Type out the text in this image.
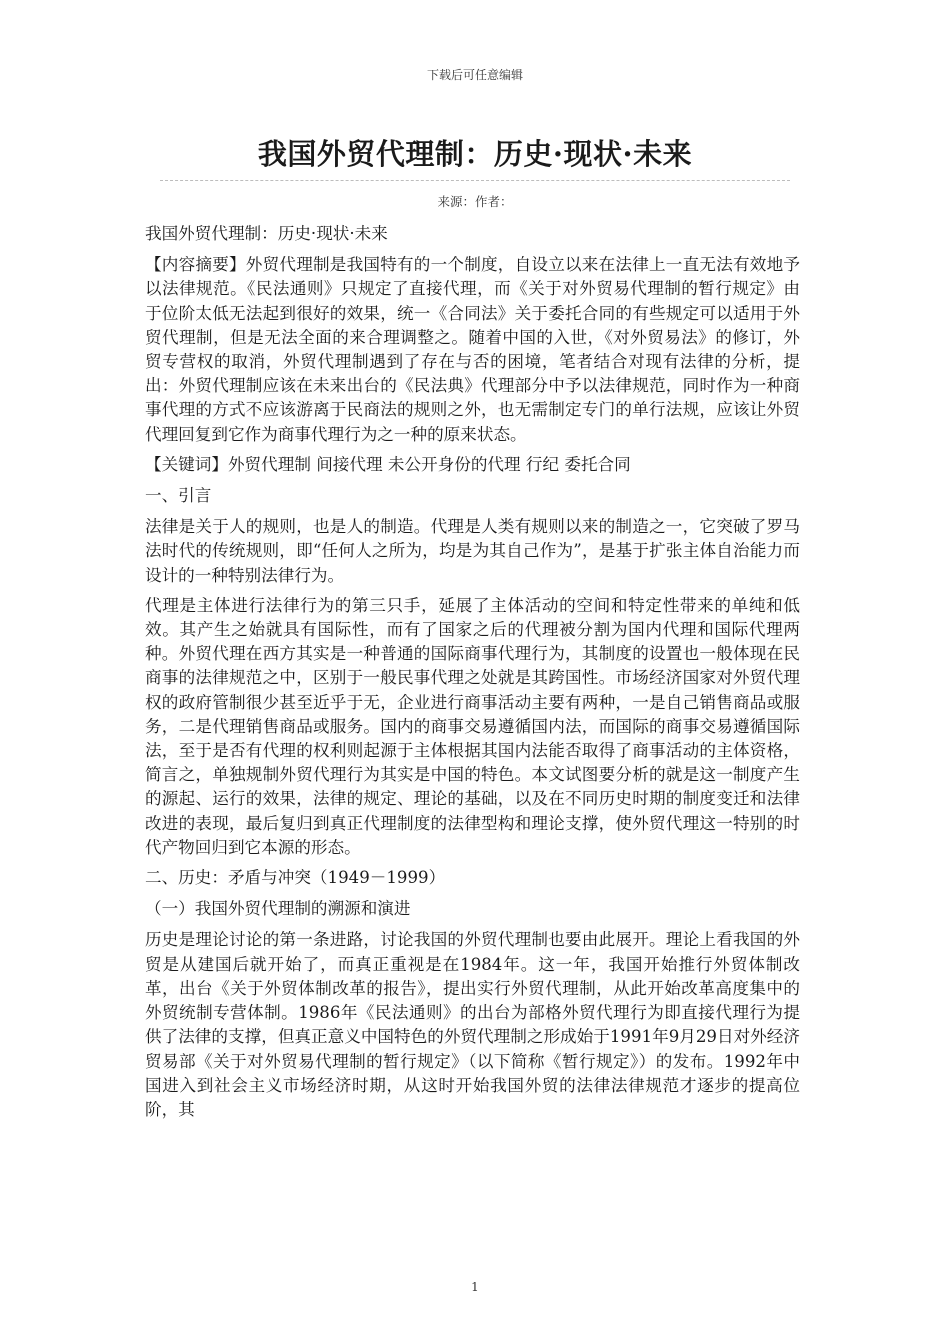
下载后可任意编辑
我国外贸代理制：历史·现状·未来
来源：作者：

我国外贸代理制：历史·现状·未来

【内容摘要】外贸代理制是我国特有的一个制度，自设立以来在法律上一直无法有效地予以法律规范。《民法通则》只规定了直接代理，而《关于对外贸易代理制的暂行规定》由于位阶太低无法起到很好的效果，统一《合同法》关于委托合同的有些规定可以适用于外贸代理制，但是无法全面的来合理调整之。随着中国的入世，《对外贸易法》的修订，外贸专营权的取消，外贸代理制遇到了存在与否的困境，笔者结合对现有法律的分析，提出：外贸代理制应该在未来出台的《民法典》代理部分中予以法律规范，同时作为一种商事代理的方式不应该游离于民商法的规则之外，也无需制定专门的单行法规，应该让外贸代理回复到它作为商事代理行为之一种的原来状态。

【关键词】外贸代理制 间接代理 未公开身份的代理 行纪 委托合同

一、引言

法律是关于人的规则，也是人的制造。代理是人类有规则以来的制造之一，它突破了罗马法时代的传统规则，即“任何人之所为，均是为其自己作为”，是基于扩张主体自治能力而设计的一种特别法律行为。

代理是主体进行法律行为的第三只手，延展了主体活动的空间和特定性带来的单纯和低效。其产生之始就具有国际性，而有了国家之后的代理被分割为国内代理和国际代理两种。外贸代理在西方其实是一种普通的国际商事代理行为，其制度的设置也一般体现在民商事的法律规范之中，区别于一般民事代理之处就是其跨国性。市场经济国家对外贸代理权的政府管制很少甚至近乎于无，企业进行商事活动主要有两种，一是自己销售商品或服务，二是代理销售商品或服务。国内的商事交易遵循国内法，而国际的商事交易遵循国际法，至于是否有代理的权利则起源于主体根据其国内法能否取得了商事活动的主体资格，简言之，单独规制外贸代理行为其实是中国的特色。本文试图要分析的就是这一制度产生的源起、运行的效果，法律的规定、理论的基础，以及在不同历史时期的制度变迁和法律改进的表现，最后复归到真正代理制度的法律型构和理论支撑，使外贸代理这一特别的时代产物回归到它本源的形态。

二、历史：矛盾与冲突（1949－1999）

（一）我国外贸代理制的溯源和演进

历史是理论讨论的第一条进路，讨论我国的外贸代理制也要由此展开。理论上看我国的外贸是从建国后就开始了，而真正重视是在1984年。这一年，我国开始推行外贸体制改革，出台《关于外贸体制改革的报告》，提出实行外贸代理制，从此开始改革高度集中的外贸统制专营体制。1986年《民法通则》的出台为部格外贸代理行为即直接代理行为提供了法律的支撑，但真正意义中国特色的外贸代理制之形成始于1991年9月29日对外经济贸易部《关于对外贸易代理制的暂行规定》（以下简称《暂行规定》）的发布。1992年中国进入到社会主义市场经济时期，从这时开始我国外贸的法律法律规范才逐步的提高位阶，其

1
